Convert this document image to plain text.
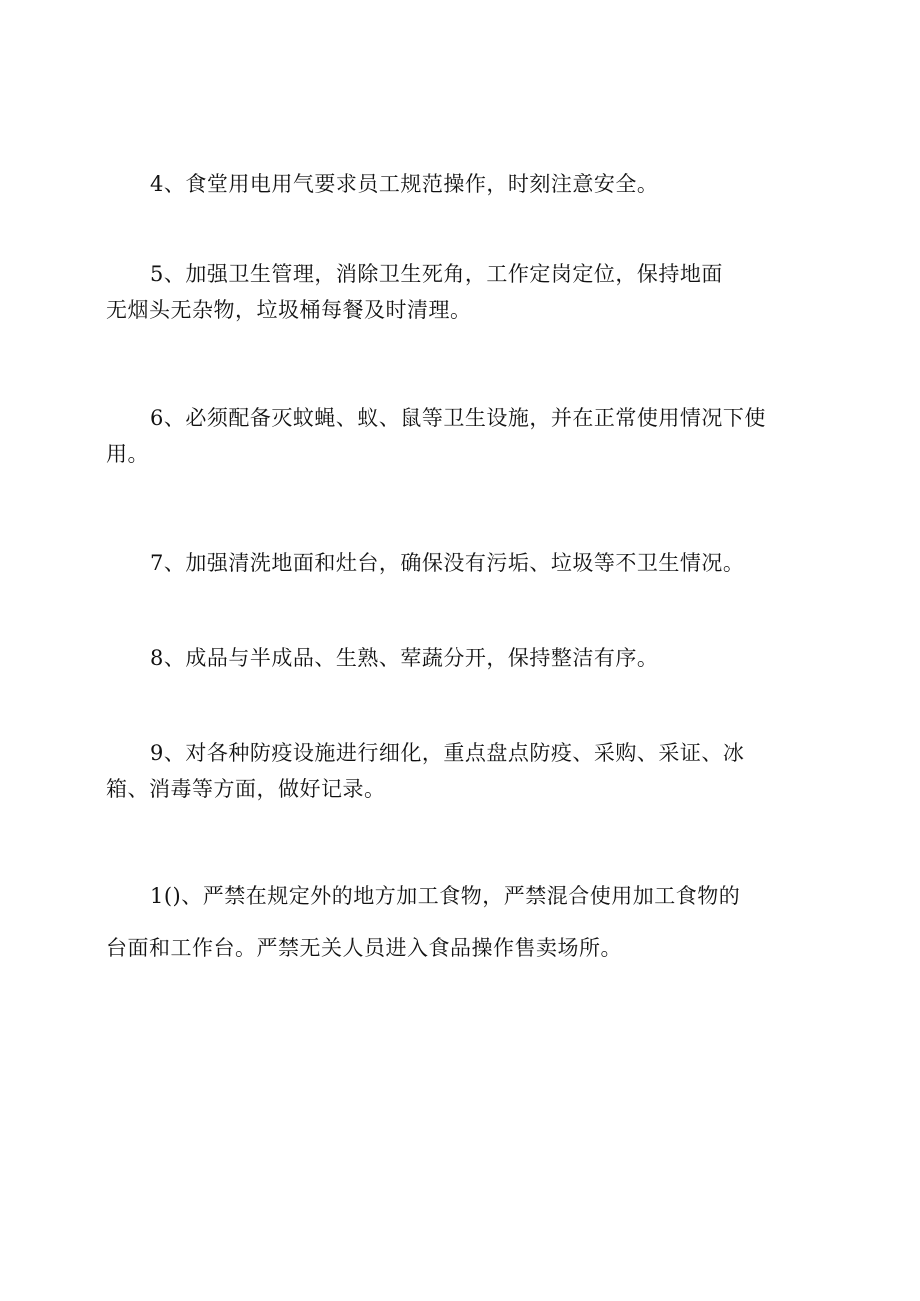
4、食堂用电用气要求员工规范操作，时刻注意安全。

5、加强卫生管理，消除卫生死角，工作定岗定位，保持地面
无烟头无杂物，垃圾桶每餐及时清理。

6、必须配备灭蚊蝇、蚁、鼠等卫生设施，并在正常使用情况下使
用。

7、加强清洗地面和灶台，确保没有污垢、垃圾等不卫生情况。

8、成品与半成品、生熟、荤蔬分开，保持整洁有序。

9、对各种防疫设施进行细化，重点盘点防疫、采购、采证、冰
箱、消毒等方面，做好记录。

1()、严禁在规定外的地方加工食物，严禁混合使用加工食物的
台面和工作台。严禁无关人员进入食品操作售卖场所。
